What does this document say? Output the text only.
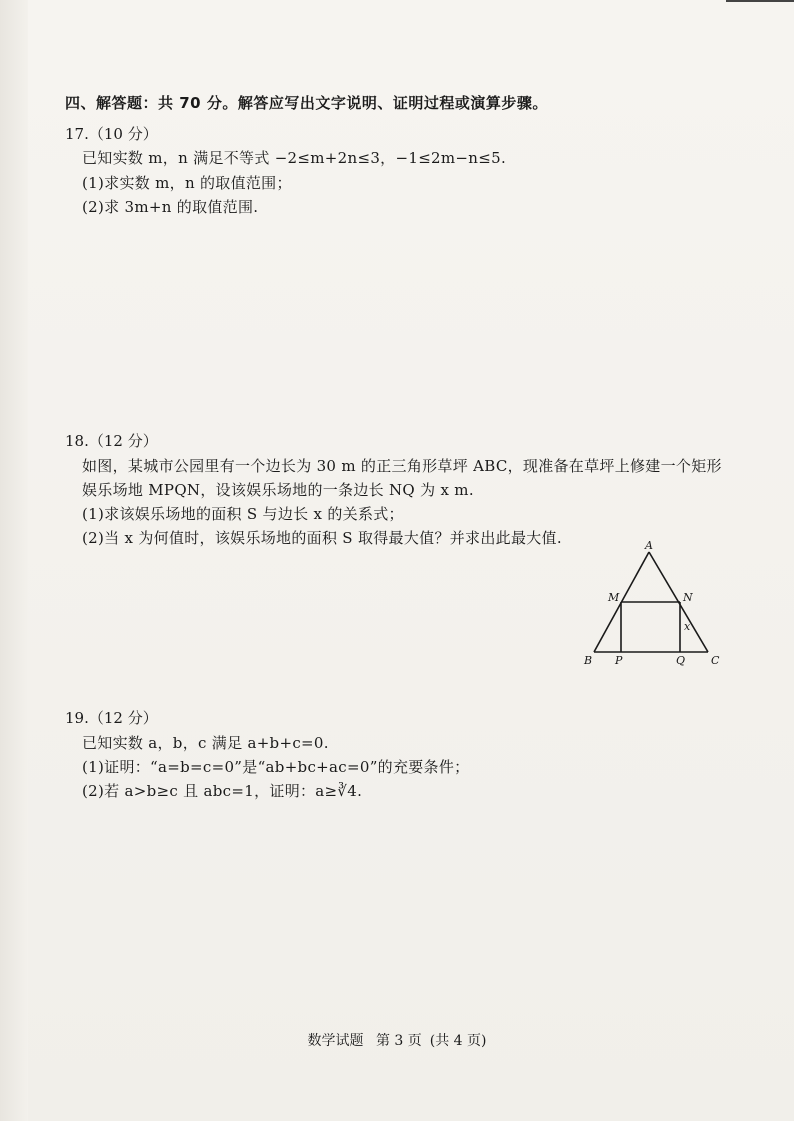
四、解答题：共 70 分。解答应写出文字说明、证明过程或演算步骤。
17.（10 分）
已知实数 m，n 满足不等式 −2≤m+2n≤3，−1≤2m−n≤5.
(1)求实数 m，n 的取值范围；
(2)求 3m+n 的取值范围.
18.（12 分）
如图，某城市公园里有一个边长为 30 m 的正三角形草坪 ABC，现准备在草坪上修建一个矩形
娱乐场地 MPQN，设该娱乐场地的一条边长 NQ 为 x m.
(1)求该娱乐场地的面积 S 与边长 x 的关系式；
(2)当 x 为何值时，该娱乐场地的面积 S 取得最大值？并求出此最大值.	A
B	C
M	N
P	Q
x
19.（12 分）
已知实数 a，b，c 满足 a+b+c=0.
(1)证明：“a=b=c=0”是“ab+bc+ac=0”的充要条件；
(2)若 a>b≥c 且 abc=1，证明：a≥∛4.
数学试题 第 3 页 (共 4 页)
